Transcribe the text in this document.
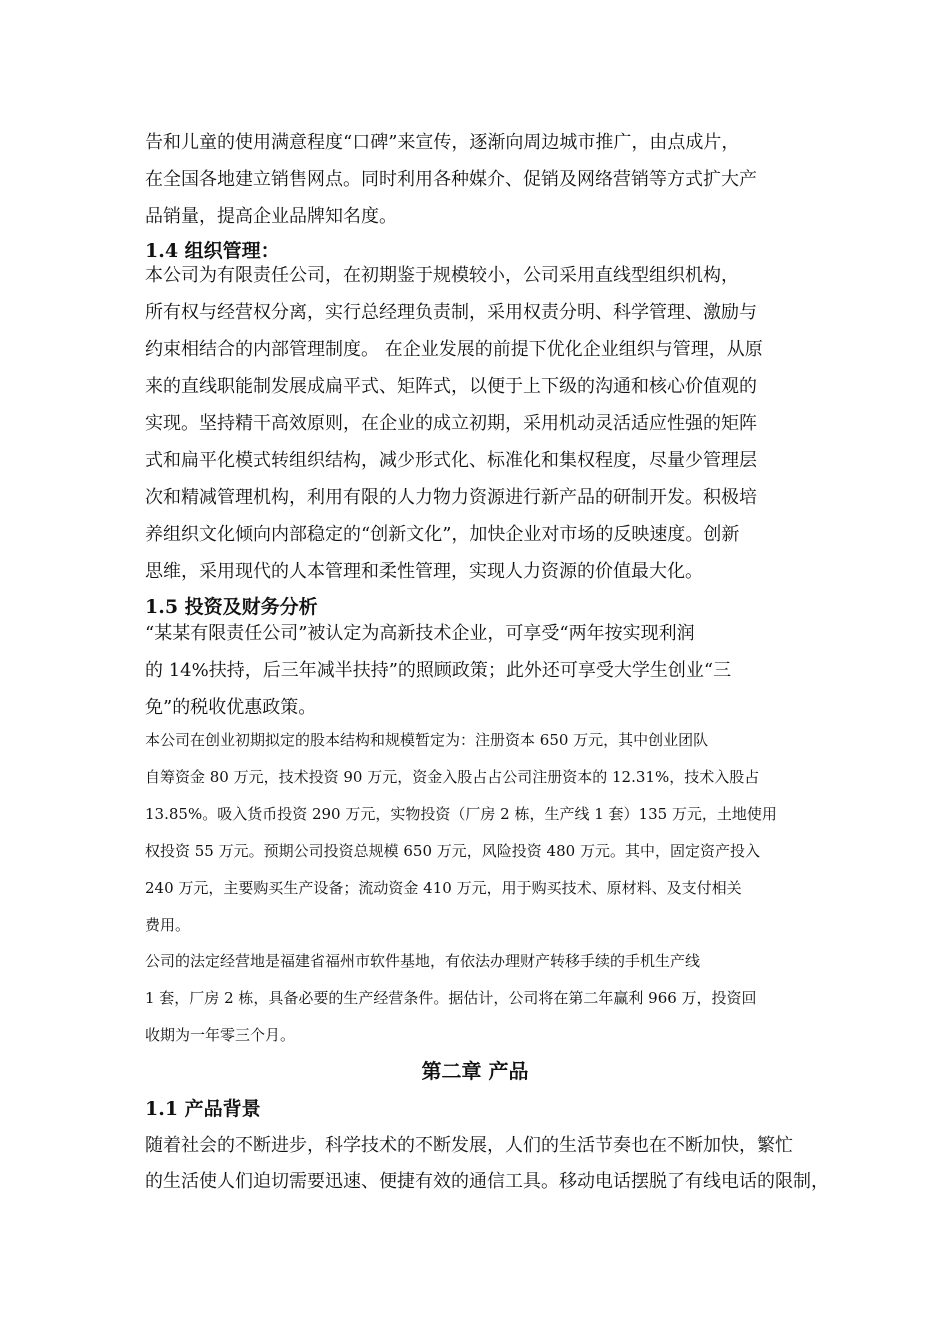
告和儿童的使用满意程度“口碑”来宣传，逐渐向周边城市推广，由点成片，
在全国各地建立销售网点。同时利用各种媒介、促销及网络营销等方式扩大产
品销量，提高企业品牌知名度。
1.4 组织管理：
本公司为有限责任公司，在初期鉴于规模较小，公司采用直线型组织机构，
所有权与经营权分离，实行总经理负责制，采用权责分明、科学管理、激励与
约束相结合的内部管理制度。 在企业发展的前提下优化企业组织与管理，从原
来的直线职能制发展成扁平式、矩阵式，以便于上下级的沟通和核心价值观的
实现。坚持精干高效原则，在企业的成立初期，采用机动灵活适应性强的矩阵
式和扁平化模式转组织结构，减少形式化、标准化和集权程度，尽量少管理层
次和精减管理机构，利用有限的人力物力资源进行新产品的研制开发。积极培
养组织文化倾向内部稳定的“创新文化”，加快企业对市场的反映速度。创新
思维，采用现代的人本管理和柔性管理，实现人力资源的价值最大化。
1.5 投资及财务分析
“某某有限责任公司”被认定为高新技术企业，可享受“两年按实现利润
的 14%扶持，后三年减半扶持”的照顾政策；此外还可享受大学生创业“三
免”的税收优惠政策。
本公司在创业初期拟定的股本结构和规模暂定为：注册资本 650 万元，其中创业团队
自筹资金 80 万元，技术投资 90 万元，资金入股占占公司注册资本的 12.31%，技术入股占
13.85%。吸入货币投资 290 万元，实物投资（厂房 2 栋，生产线 1 套）135 万元，土地使用
权投资 55 万元。预期公司投资总规模 650 万元，风险投资 480 万元。其中，固定资产投入
240 万元，主要购买生产设备；流动资金 410 万元，用于购买技术、原材料、及支付相关
费用。
公司的法定经营地是福建省福州市软件基地，有依法办理财产转移手续的手机生产线
1 套，厂房 2 栋，具备必要的生产经营条件。据估计，公司将在第二年赢利 966 万，投资回
收期为一年零三个月。
第二章 产品
1.1 产品背景
随着社会的不断进步，科学技术的不断发展，人们的生活节奏也在不断加快，繁忙
的生活使人们迫切需要迅速、便捷有效的通信工具。移动电话摆脱了有线电话的限制，
